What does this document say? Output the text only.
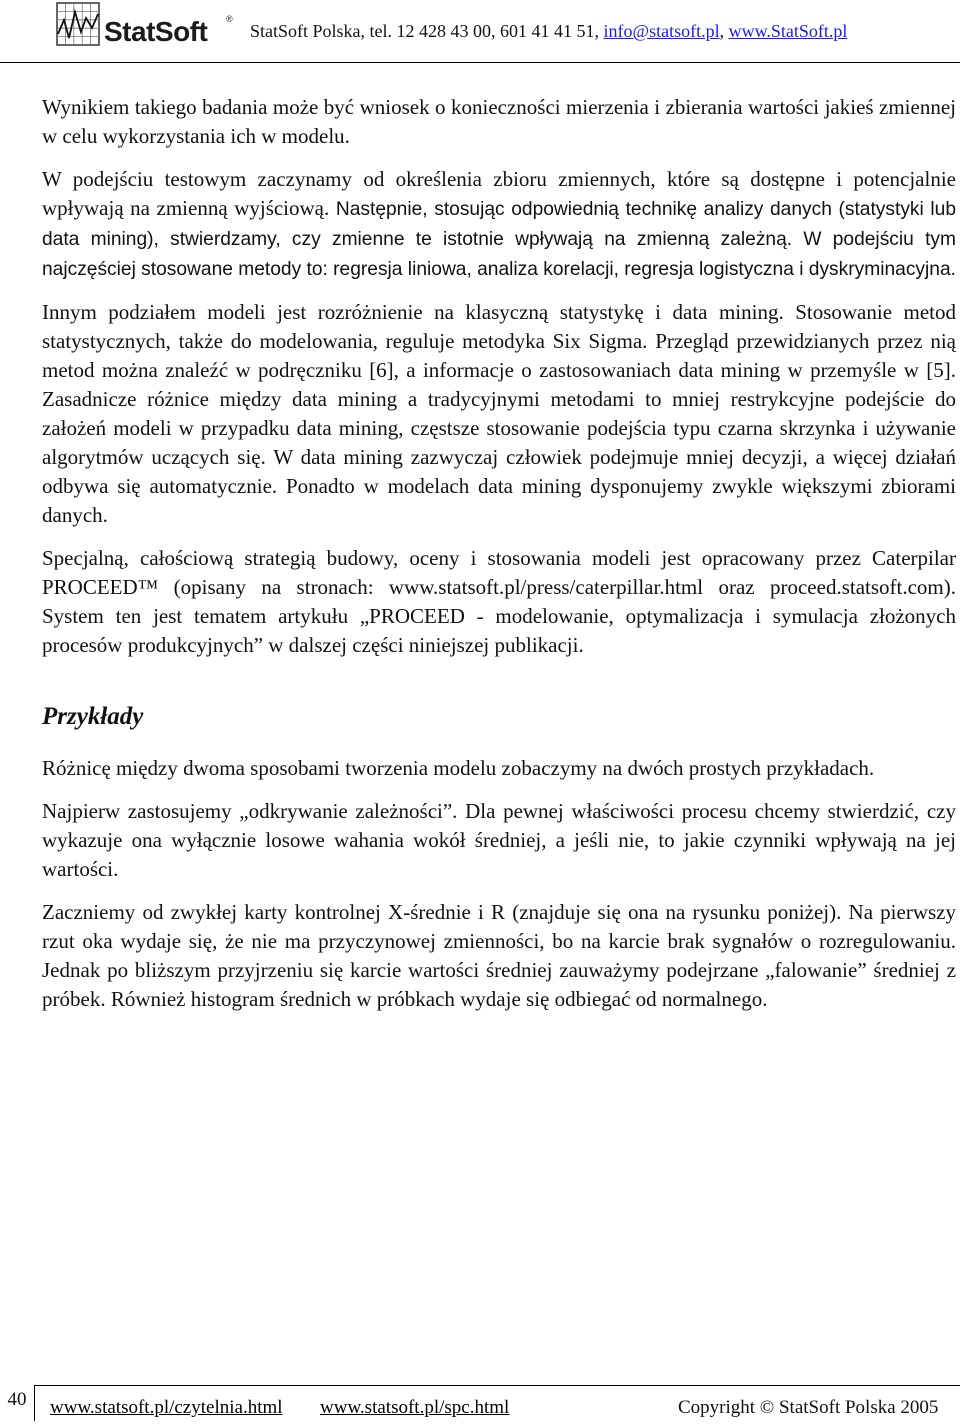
StatSoft ®
StatSoft Polska, tel. 12 428 43 00, 601 41 41 51, info@statsoft.pl, www.StatSoft.pl

Wynikiem takiego badania może być wniosek o konieczności mierzenia i zbierania wartości jakieś zmiennej w celu wykorzystania ich w modelu.

W podejściu testowym zaczynamy od określenia zbioru zmiennych, które są dostępne i potencjalnie wpływają na zmienną wyjściową. Następnie, stosując odpowiednią technikę analizy danych (statystyki lub data mining), stwierdzamy, czy zmienne te istotnie wpływają na zmienną zależną. W podejściu tym najczęściej stosowane metody to: regresja liniowa, analiza korelacji, regresja logistyczna i dyskryminacyjna.

Innym podziałem modeli jest rozróżnienie na klasyczną statystykę i data mining. Stosowanie metod statystycznych, także do modelowania, reguluje metodyka Six Sigma. Przegląd przewidzianych przez nią metod można znaleźć w podręczniku [6], a informacje o zastosowaniach data mining w przemyśle w [5]. Zasadnicze różnice między data mining a tradycyjnymi metodami to mniej restrykcyjne podejście do założeń modeli w przypadku data mining, częstsze stosowanie podejścia typu czarna skrzynka i używanie algorytmów uczących się. W data mining zazwyczaj człowiek podejmuje mniej decyzji, a więcej działań odbywa się automatycznie. Ponadto w modelach data mining dysponujemy zwykle większymi zbiorami danych.

Specjalną, całościową strategią budowy, oceny i stosowania modeli jest opracowany przez Caterpilar PROCEED™ (opisany na stronach: www.statsoft.pl/press/caterpillar.html oraz proceed.statsoft.com). System ten jest tematem artykułu „PROCEED - modelowanie, optymalizacja i symulacja złożonych procesów produkcyjnych” w dalszej części niniejszej publikacji.

Przykłady

Różnicę między dwoma sposobami tworzenia modelu zobaczymy na dwóch prostych przykładach.

Najpierw zastosujemy „odkrywanie zależności”. Dla pewnej właściwości procesu chcemy stwierdzić, czy wykazuje ona wyłącznie losowe wahania wokół średniej, a jeśli nie, to jakie czynniki wpływają na jej wartości.

Zaczniemy od zwykłej karty kontrolnej X-średnie i R (znajduje się ona na rysunku poniżej). Na pierwszy rzut oka wydaje się, że nie ma przyczynowej zmienności, bo na karcie brak sygnałów o rozregulowaniu. Jednak po bliższym przyjrzeniu się karcie wartości średniej zauważymy podejrzane „falowanie” średniej z próbek. Również histogram średnich w próbkach wydaje się odbiegać od normalnego.

40	www.statsoft.pl/czytelnia.html www.statsoft.pl/spc.html	Copyright © StatSoft Polska 2005
